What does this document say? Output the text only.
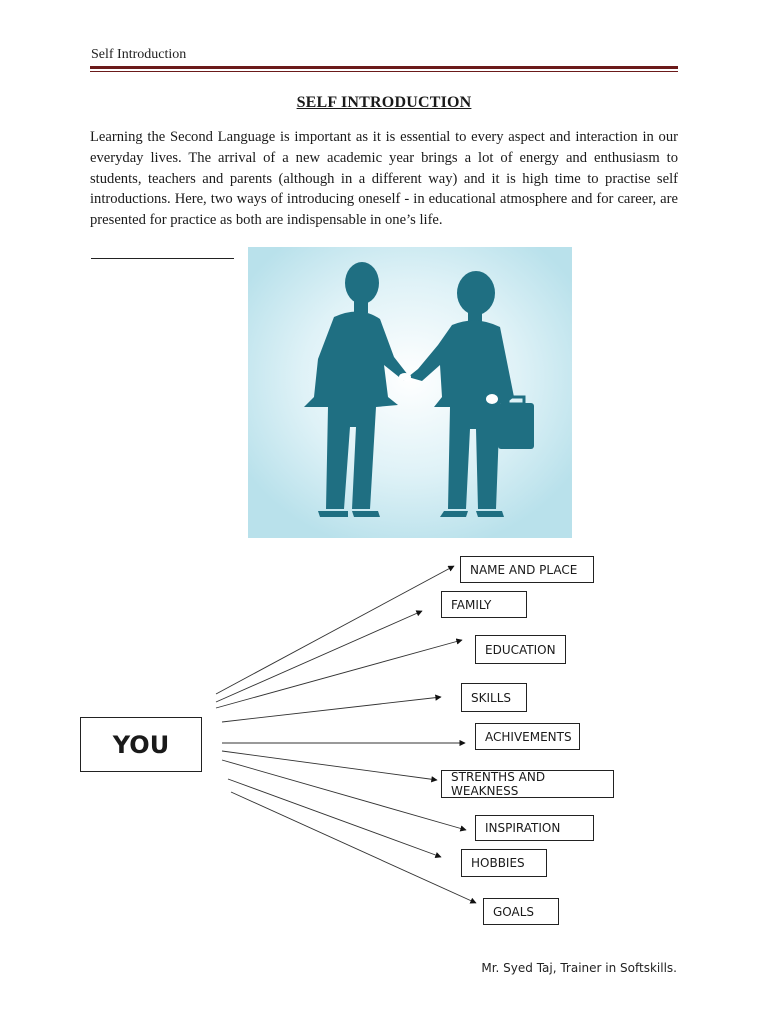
Self Introduction
SELF INTRODUCTION

Learning the Second Language is important as it is essential to every aspect and interaction in our everyday lives. The arrival of a new academic year brings a lot of energy and enthusiasm to students, teachers and parents (although in a different way) and it is high time to practise self introductions. Here, two ways of introducing oneself - in educational atmosphere and for career, are presented for practice as both are indispensable in one’s life.

YOU
NAME AND PLACE
FAMILY
EDUCATION
SKILLS
ACHIVEMENTS
STRENTHS AND WEAKNESS
INSPIRATION
HOBBIES
GOALS
Mr. Syed Taj, Trainer in Softskills.
